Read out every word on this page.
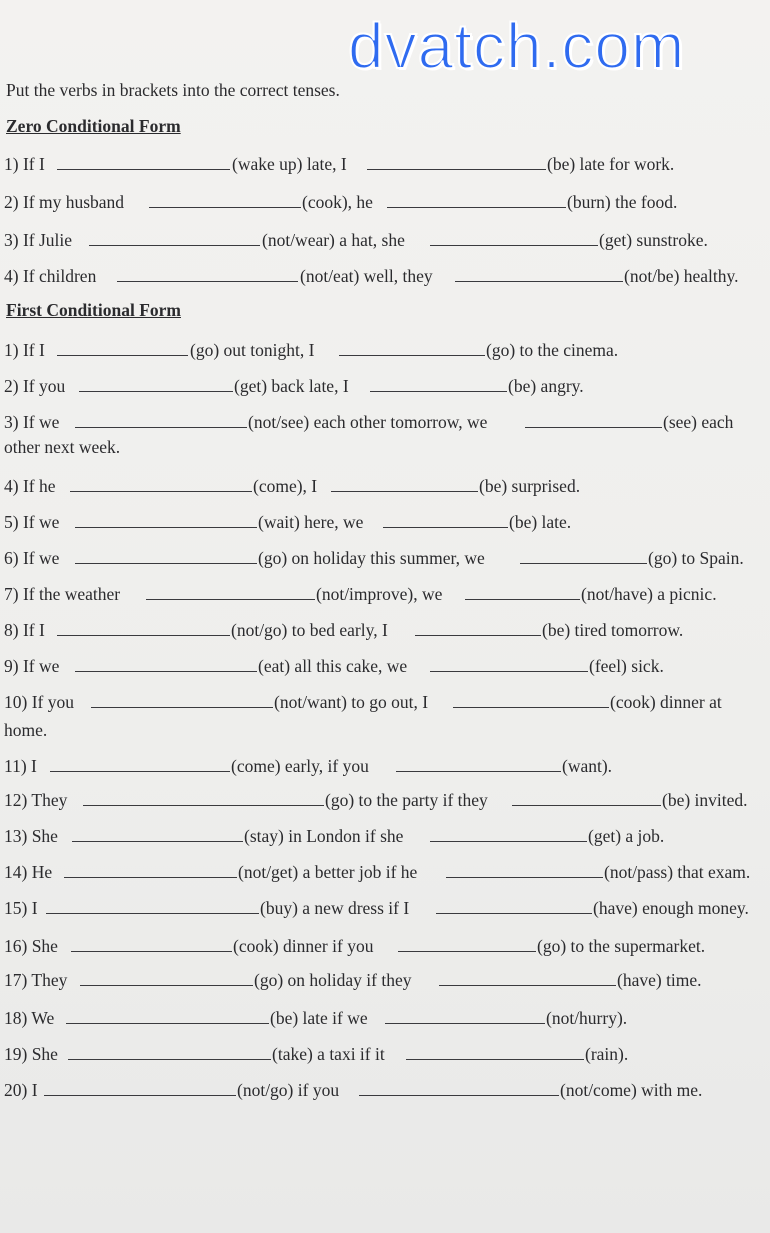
dvatch.com
Put the verbs in brackets into the correct tenses.
Zero Conditional Form
First Conditional Form
1) If I	(wake up) late, I	(be) late for work.
2) If my husband	(cook), he	(burn) the food.
3) If Julie	(not/wear) a hat, she	(get) sunstroke.
4) If children	(not/eat) well, they	(not/be) healthy.
1) If I	(go) out tonight, I	(go) to the cinema.
2) If you	(get) back late, I	(be) angry.
3) If we	(not/see) each other tomorrow, we	(see) each
other next week.
4) If he	(come), I	(be) surprised.
5) If we	(wait) here, we	(be) late.
6) If we	(go) on holiday this summer, we	(go) to Spain.
7) If the weather	(not/improve), we	(not/have) a picnic.
8) If I	(not/go) to bed early, I	(be) tired tomorrow.
9) If we	(eat) all this cake, we	(feel) sick.
10) If you	(not/want) to go out, I	(cook) dinner at
home.
11) I	(come) early, if you	(want).
12) They	(go) to the party if they	(be) invited.
13) She	(stay) in London if she	(get) a job.
14) He	(not/get) a better job if he	(not/pass) that exam.
15) I	(buy) a new dress if I	(have) enough money.
16) She	(cook) dinner if you	(go) to the supermarket.
17) They	(go) on holiday if they	(have) time.
18) We	(be) late if we	(not/hurry).
19) She	(take) a taxi if it	(rain).
20) I	(not/go) if you	(not/come) with me.
